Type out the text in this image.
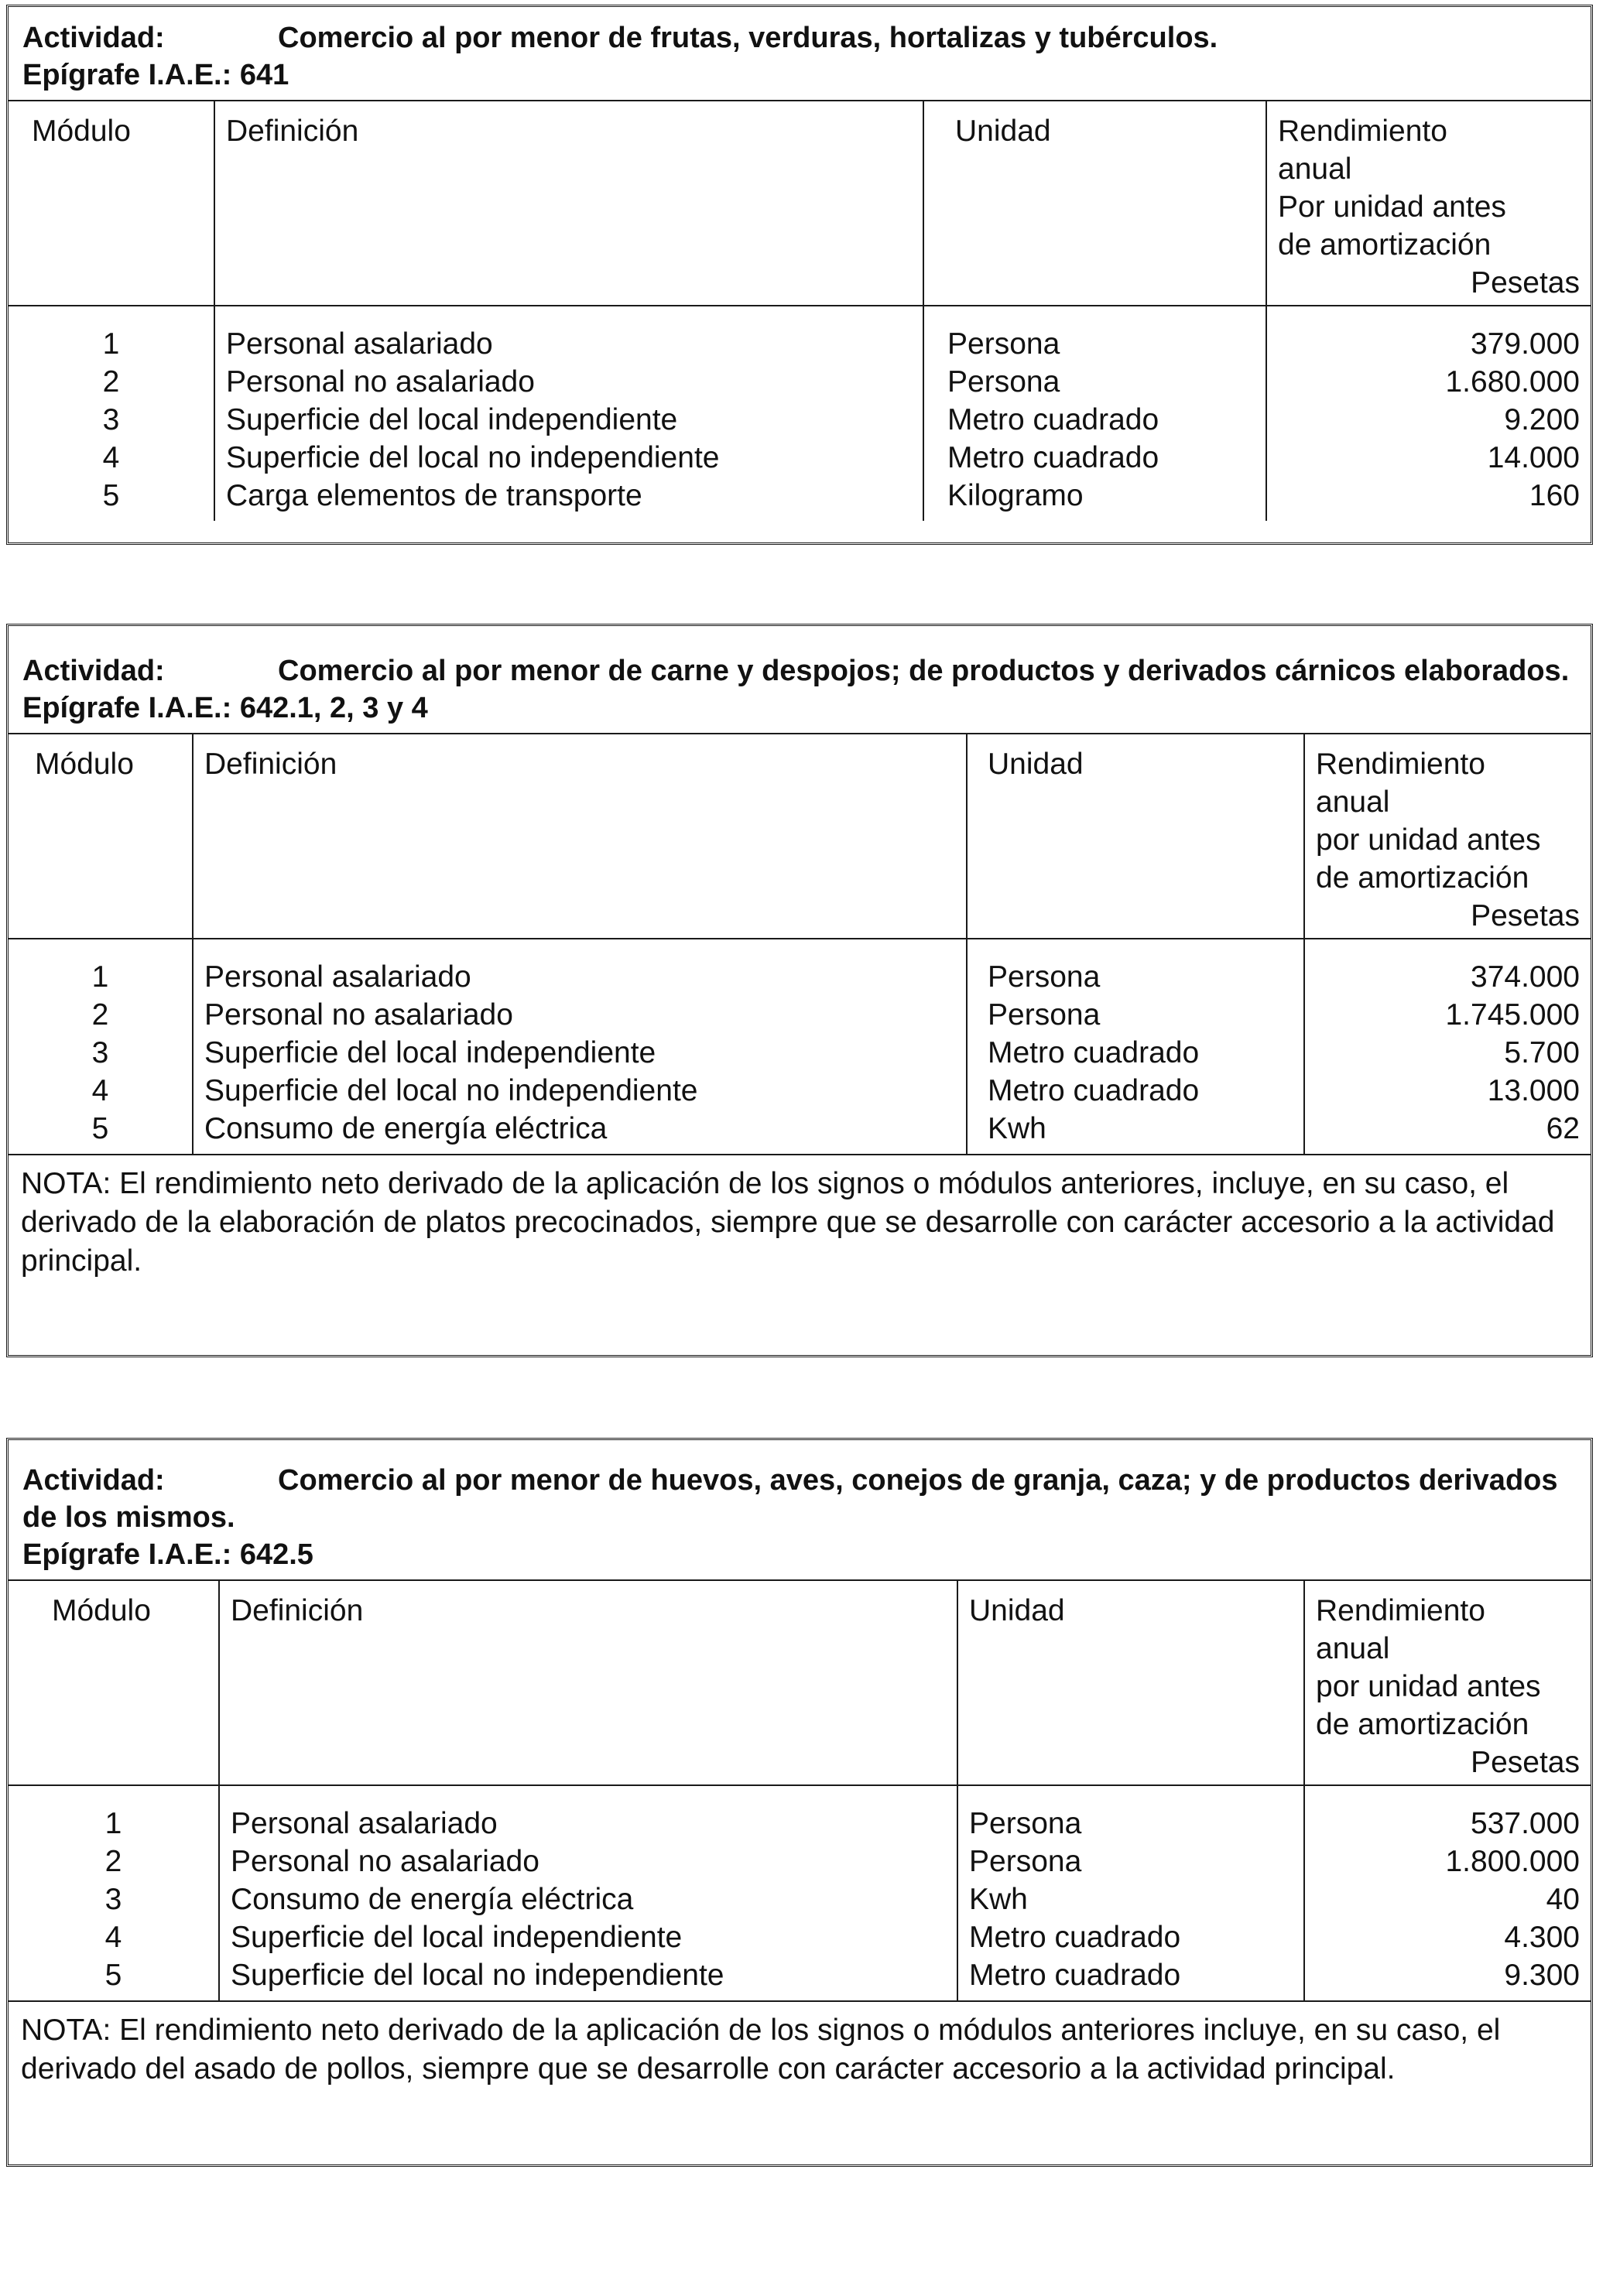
Actividad:	Comercio al por menor de frutas, verduras, hortalizas y tubérculos.
Epígrafe I.A.E.: 641
Módulo	Definición	Unidad	Rendimiento
anual
Por unidad antes
de amortización
Pesetas

1	Personal asalariado	Persona	379.000
2	Personal no asalariado	Persona	1.680.000
3	Superficie del local independiente	Metro cuadrado	9.200
4	Superficie del local no independiente	Metro cuadrado	14.000
5	Carga elementos de transporte	Kilogramo	160
Actividad:	Comercio al por menor de carne y despojos; de productos y derivados cárnicos elaborados.
Epígrafe I.A.E.: 642.1, 2, 3 y 4
Módulo	Definición	Unidad	Rendimiento
anual
por unidad antes
de amortización
Pesetas

1	Personal asalariado	Persona	374.000
2	Personal no asalariado	Persona	1.745.000
3	Superficie del local independiente	Metro cuadrado	5.700
4	Superficie del local no independiente	Metro cuadrado	13.000
5	Consumo de energía eléctrica	Kwh	62
NOTA: El rendimiento neto derivado de la aplicación de los signos o módulos anteriores, incluye, en su caso, el derivado de la elaboración de platos precocinados, siempre que se desarrolle con carácter accesorio a la actividad principal.
Actividad:	Comercio al por menor de huevos, aves, conejos de granja, caza; y de productos derivados de los mismos.
Epígrafe I.A.E.: 642.5
Módulo	Definición	Unidad	Rendimiento
anual
por unidad antes
de amortización
Pesetas

1	Personal asalariado	Persona	537.000
2	Personal no asalariado	Persona	1.800.000
3	Consumo de energía eléctrica	Kwh	40
4	Superficie del local independiente	Metro cuadrado	4.300
5	Superficie del local no independiente	Metro cuadrado	9.300
NOTA: El rendimiento neto derivado de la aplicación de los signos o módulos anteriores incluye, en su caso, el derivado del asado de pollos, siempre que se desarrolle con carácter accesorio a la actividad principal.
